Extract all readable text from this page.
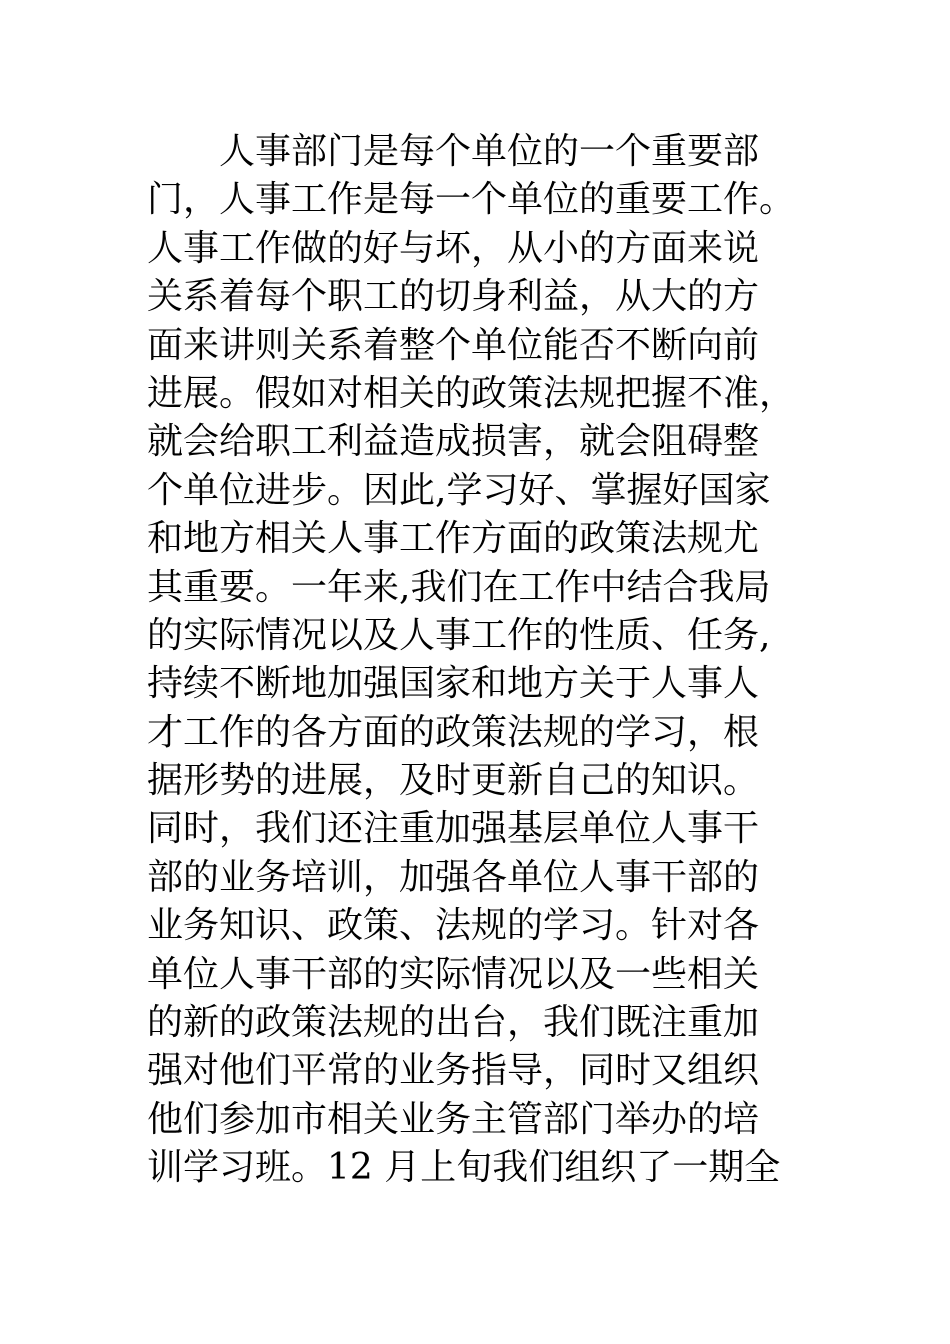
　　人事部门是每个单位的一个重要部
门，人事工作是每一个单位的重要工作。
人事工作做的好与坏，从小的方面来说
关系着每个职工的切身利益，从大的方
面来讲则关系着整个单位能否不断向前
进展。假如对相关的政策法规把握不准，
就会给职工利益造成损害，就会阻碍整
个单位进步。因此,学习好、掌握好国家
和地方相关人事工作方面的政策法规尤
其重要。一年来,我们在工作中结合我局
的实际情况以及人事工作的性质、任务,
持续不断地加强国家和地方关于人事人
才工作的各方面的政策法规的学习，根
据形势的进展，及时更新自己的知识。
同时，我们还注重加强基层单位人事干
部的业务培训，加强各单位人事干部的
业务知识、政策、法规的学习。针对各
单位人事干部的实际情况以及一些相关
的新的政策法规的出台，我们既注重加
强对他们平常的业务指导，同时又组织
他们参加市相关业务主管部门举办的培
训学习班。12 月上旬我们组织了一期全
